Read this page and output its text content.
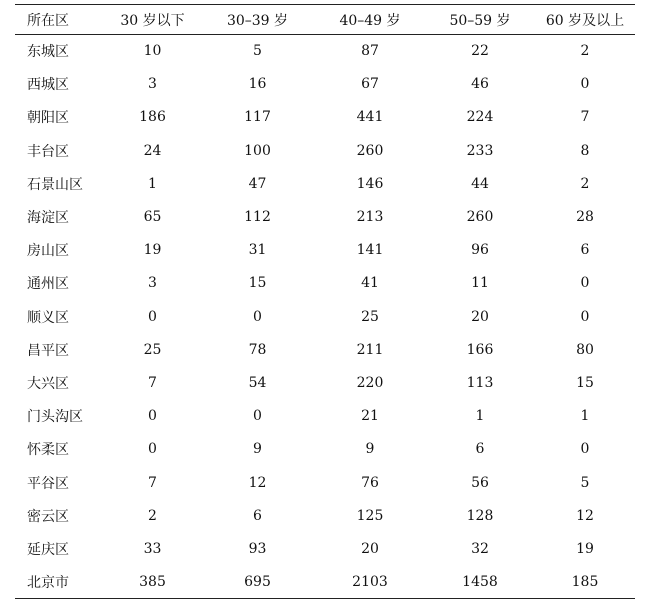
所在区	30 岁以下	30–39 岁	40–49 岁	50–59 岁	60 岁及以上
东城区	10	5	87	22	2
西城区	3	16	67	46	0
朝阳区	186	117	441	224	7
丰台区	24	100	260	233	8
石景山区	1	47	146	44	2
海淀区	65	112	213	260	28
房山区	19	31	141	96	6
通州区	3	15	41	11	0
顺义区	0	0	25	20	0
昌平区	25	78	211	166	80
大兴区	7	54	220	113	15
门头沟区	0	0	21	1	1
怀柔区	0	9	9	6	0
平谷区	7	12	76	56	5
密云区	2	6	125	128	12
延庆区	33	93	20	32	19
北京市	385	695	2103	1458	185
